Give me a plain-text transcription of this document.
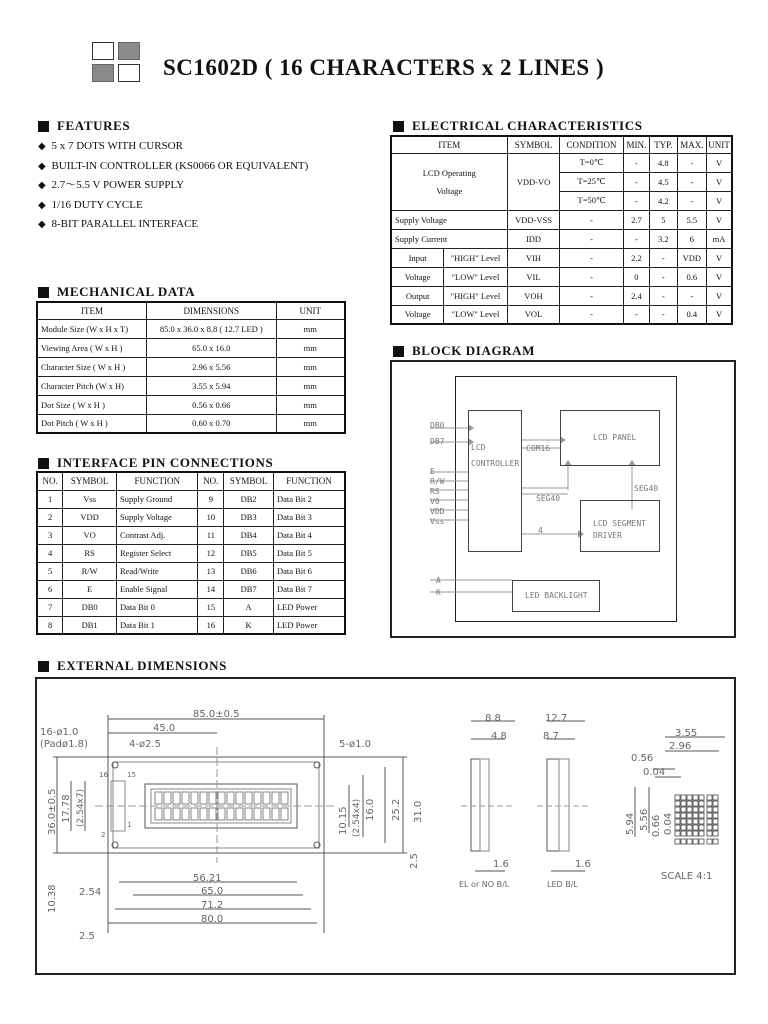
SC1602D ( 16 CHARACTERS x 2 LINES )
FEATURES
◆ 5 x 7 DOTS WITH CURSOR
◆ BUILT-IN CONTROLLER (KS0066 OR EQUIVALENT)
◆ 2.7～5.5 V POWER SUPPLY
◆ 1/16 DUTY CYCLE
◆ 8-BIT PARALLEL INTERFACE
MECHANICAL DATA
ITEM	DIMENSIONS	UNIT
Module Size (W x H x T)	85.0 x 36.0 x 8.8 ( 12.7 LED )	mm
Viewing Area ( W x H )	65.0 x 16.0	mm
Character Size ( W x H )	2.96 x 5.56	mm
Character Pitch (W x H)	3.55 x 5.94	mm
Dot Size ( W x H )	0.56 x 0.66	mm
Dot Pitch ( W x H )	0.60 x 0.70	mm
INTERFACE PIN CONNECTIONS
NO.	SYMBOL	FUNCTION	NO.	SYMBOL	FUNCTION
1	Vss	Supply Ground	9	DB2	Data Bit 2
2	VDD	Supply Voltage	10	DB3	Data Bit 3
3	VO	Contrast Adj.	11	DB4	Data Bit 4
4	RS	Register Select	12	DB5	Data Bit 5
5	R/W	Read/Write	13	DB6	Data Bit 6
6	E	Enable Signal	14	DB7	Data Bit 7
7	DB0	Data Bit 0	15	A	LED Power
8	DB1	Data Bit 1	16	K	LED Power
ELECTRICAL CHARACTERISTICS
ITEM		SYMBOL	CONDITION	MIN.	TYP.	MAX.	UNIT

LCD Operating
Voltage		VDD-VO	T=0℃	-	4.8	-	V
			T=25℃	-	4.5	-	V
			T=50℃	-	4.2	-	V
Supply Voltage		VDD-VSS	-	2.7	5	5.5	V
Supply Current		IDD	-	-	3.2	6	mA
Input	"HIGH" Level	VIH	-	2.2	-	VDD	V
Voltage	"LOW" Level	VIL	-	0	-	0.6	V
Output	"HIGH" Level	VOH	-	2.4	-	-	V
Voltage	"LOW" Level	VOL	-	-	-	0.4	V
BLOCK DIAGRAM
LCD
CONTROLLER
LCD PANEL
LCD SEGMENT
DRIVER
LED BACKLIGHT
COM16
SEG40
SEG40
4
DB0
DB7
E
R/W
RS
V0
VDD
Vss
A
K
EXTERNAL DIMENSIONS
85.0±0.5
45.0
16-ø1.0
(Padø1.8)	4-ø2.5	5-ø1.0
56.21
65.0
71.2
80.0
2.54
2.5
16	15
1
2
8.8
4.8
12.7
8.7
1.6	1.6
EL or NO B/L	LED B/L
3.55
2.96
0.56
0.04
SCALE 4:1
36.0±0.5 17.78 (2.54x7)
10.38
10.15 (2.54x4) 16.0 25.2 31.0
2.5
5.94 5.56 0.66 0.04
